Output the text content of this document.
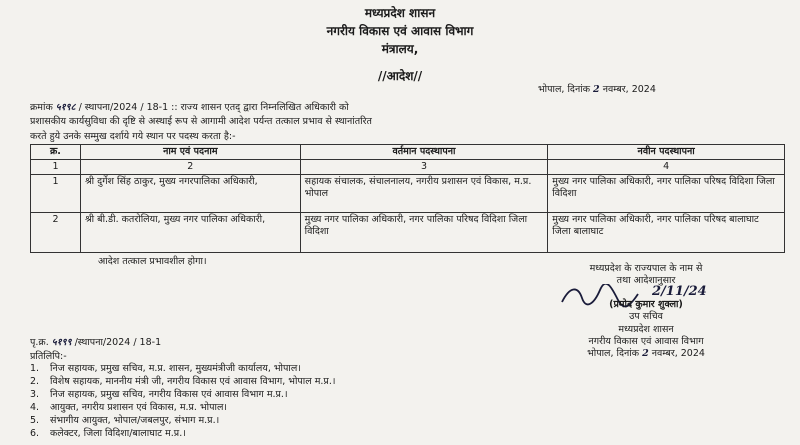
मध्यप्रदेश शासन
नगरीय विकास एवं आवास विभाग
मंत्रालय,
//आदेश//
भोपाल, दिनांक 2 नवम्बर, 2024
क्रमांक ५१९८ / स्थापना/2024 / 18-1 :: राज्य शासन एतद् द्वारा निम्नलिखित अधिकारी को
प्रशासकीय कार्यसुविधा की दृष्टि से अस्थाई रूप से आगामी आदेश पर्यन्त तत्काल प्रभाव से स्थानांतरित
करते हुये उनके सम्मुख दर्शाये गये स्थान पर पदस्थ करता है:-
क्र.	नाम एवं पदनाम	वर्तमान पदस्थापना	नवीन पदस्थापना
1	2	3	4
1	श्री दुर्गेश सिंह ठाकुर, मुख्य नगरपालिका अधिकारी,	सहायक संचालक, संचालनालय, नगरीय प्रशासन एवं विकास, म.प्र. भोपाल	मुख्य नगर पालिका अधिकारी, नगर पालिका परिषद विदिशा जिला विदिशा
2	श्री बी.डी. कतरोलिया, मुख्य नगर पालिका अधिकारी,	मुख्य नगर पालिका अधिकारी, नगर पालिका परिषद विदिशा जिला विदिशा	मुख्य नगर पालिका अधिकारी, नगर पालिका परिषद बालाघाट जिला बालाघाट
आदेश तत्काल प्रभावशील होगा।
मध्यप्रदेश के राज्यपाल के नाम से
तथा आदेशानुसार
2/11/24
(प्रमोद कुमार शुक्ला)
उप सचिव
मध्यप्रदेश शासन
नगरीय विकास एवं आवास विभाग
भोपाल, दिनांक 2 नवम्बर, 2024
पृ.क्र. ५१९९ /स्थापना/2024 / 18-1
प्रतिलिपि:-
1. निज सहायक, प्रमुख सचिव, म.प्र. शासन, मुख्यमंत्रीजी कार्यालय, भोपाल।
2. विशेष सहायक, माननीय मंत्री जी, नगरीय विकास एवं आवास विभाग, भोपाल म.प्र.।
3. निज सहायक, प्रमुख सचिव, नगरीय विकास एवं आवास विभाग म.प्र.।
4. आयुक्त, नगरीय प्रशासन एवं विकास, म.प्र. भोपाल।
5. संभागीय आयुक्त, भोपाल/जबलपुर, संभाग म.प्र.।
6. कलेक्टर, जिला विदिशा/बालाघाट म.प्र.।
